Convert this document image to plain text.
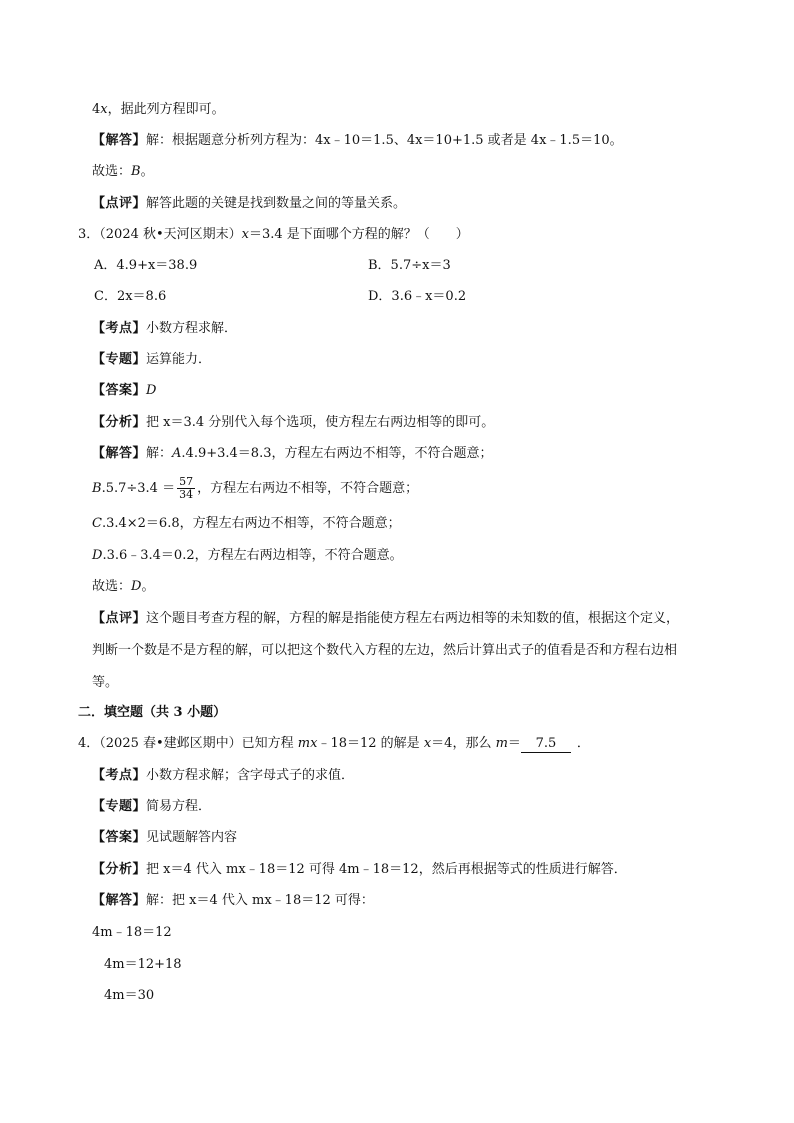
4x，据此列方程即可。
【解答】解：根据题意分析列方程为：4x﹣10＝1.5、4x＝10+1.5 或者是 4x﹣1.5＝10。
故选：B。
【点评】解答此题的关键是找到数量之间的等量关系。
3．（2024 秋•天河区期末）x＝3.4 是下面哪个方程的解？（　　）
A．4.9+x＝38.9	B．5.7÷x＝3
C．2x＝8.6	D．3.6﹣x＝0.2
【考点】小数方程求解．
【专题】运算能力．
【答案】D
【分析】把 x＝3.4 分别代入每个选项，使方程左右两边相等的即可。
【解答】解：A.4.9+3.4＝8.3，方程左右两边不相等，不符合题意；
$B.5.7\div 3.4 = \frac{57}{34}$ ，方程左右两边不相等，不符合题意；
C.3.4×2＝6.8，方程左右两边不相等，不符合题意；
D.3.6﹣3.4＝0.2，方程左右两边相等，不符合题意。
故选：D。
【点评】这个题目考查方程的解，方程的解是指能使方程左右两边相等的未知数的值，根据这个定义，
判断一个数是不是方程的解，可以把这个数代入方程的左边，然后计算出式子的值看是否和方程右边相
等。
二．填空题（共 3 小题）
4．（2025 春•建邺区期中）已知方程 mx﹣18＝12 的解是 x＝4，那么 m＝ 7.5 ．
【考点】小数方程求解；含字母式子的求值．
【专题】简易方程．
【答案】见试题解答内容
【分析】把 x＝4 代入 mx﹣18＝12 可得 4m﹣18＝12，然后再根据等式的性质进行解答．
【解答】解：把 x＝4 代入 mx﹣18＝12 可得：
4m﹣18＝12
4m＝12+18
4m＝30
